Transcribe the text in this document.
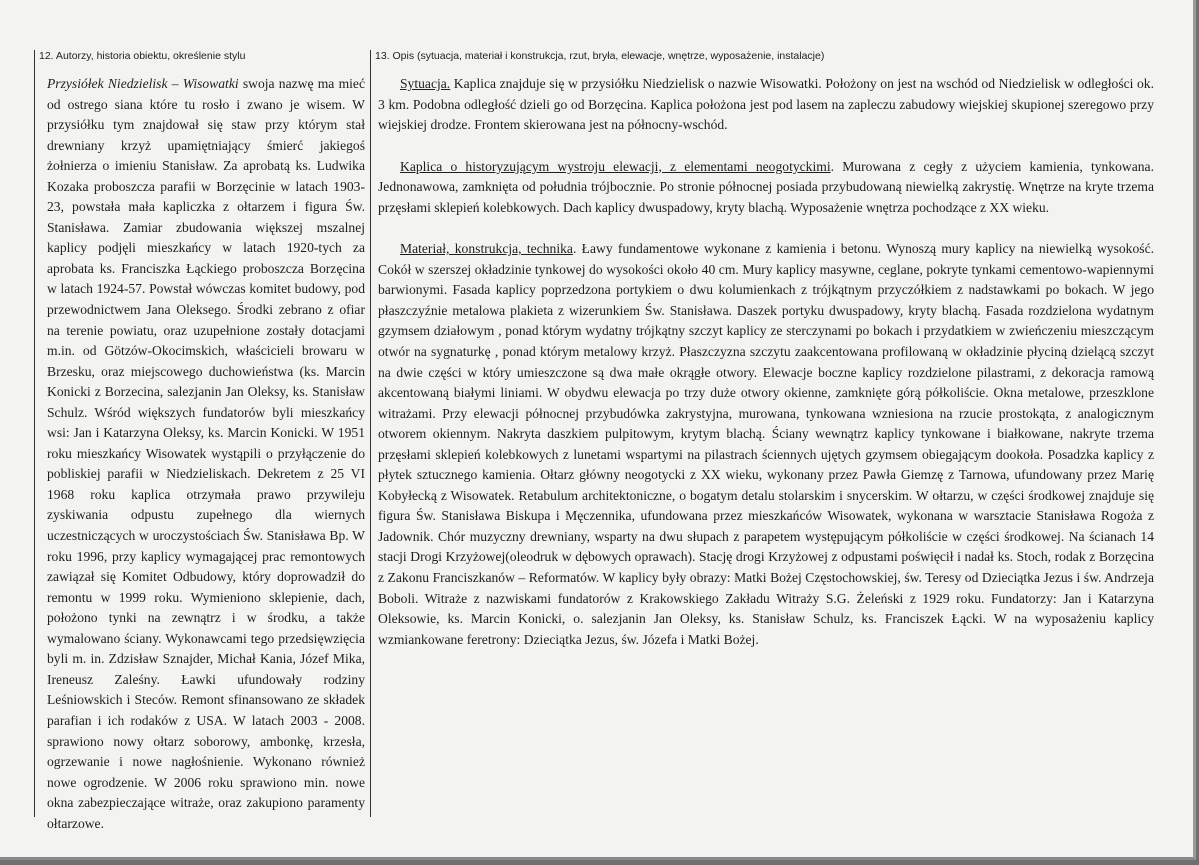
12. Autorzy, historia obiektu, określenie stylu

Przysiółek Niedzielisk – Wisowatki swoja nazwę ma mieć od ostrego siana które tu rosło i zwano je wisem. W przysiółku tym znajdował się staw przy którym stał drewniany krzyż upamiętniający śmierć jakiegoś żołnierza o imieniu Stanisław. Za aprobatą ks. Ludwika Kozaka proboszcza parafii w Borzęcinie w latach 1903-23, powstała mała kapliczka z ołtarzem i figura Św. Stanisława. Zamiar zbudowania większej mszalnej kaplicy podjęli mieszkańcy w latach 1920-tych za aprobata ks. Franciszka Łąckiego proboszcza Borzęcina w latach 1924-57. Powstał wówczas komitet budowy, pod przewodnictwem Jana Oleksego. Środki zebrano z ofiar na terenie powiatu, oraz uzupełnione zostały dotacjami m.in. od Götzów-Okocimskich, właścicieli browaru w Brzesku, oraz miejscowego duchowieństwa (ks. Marcin Konicki z Borzecina, salezjanin Jan Oleksy, ks. Stanisław Schulz. Wśród większych fundatorów byli mieszkańcy wsi: Jan i Katarzyna Oleksy, ks. Marcin Konicki. W 1951 roku mieszkańcy Wisowatek wystąpili o przyłączenie do pobliskiej parafii w Niedzieliskach. Dekretem z 25 VI 1968 roku kaplica otrzymała prawo przywileju zyskiwania odpustu zupełnego dla wiernych uczestniczących w uroczystościach Św. Stanisława Bp. W roku 1996, przy kaplicy wymagającej prac remontowych zawiązał się Komitet Odbudowy, który doprowadził do remontu w 1999 roku. Wymieniono sklepienie, dach, położono tynki na zewnątrz i w środku, a także wymalowano ściany. Wykonawcami tego przedsięwzięcia byli m. in. Zdzisław Sznajder, Michał Kania, Józef Mika, Ireneusz Zaleśny. Ławki ufundowały rodziny Leśniowskich i Steców. Remont sfinansowano ze składek parafian i ich rodaków z USA. W latach 2003 - 2008. sprawiono nowy ołtarz soborowy, ambonkę, krzesła, ogrzewanie i nowe nagłośnienie. Wykonano również nowe ogrodzenie. W 2006 roku sprawiono min. nowe okna zabezpieczające witraże, oraz zakupiono paramenty ołtarzowe.

13. Opis (sytuacja, materiał i konstrukcja, rzut, bryła, elewacje, wnętrze, wyposażenie, instalacje)

Sytuacja. Kaplica znajduje się w przysiółku Niedzielisk o nazwie Wisowatki. Położony on jest na wschód od Niedzielisk w odległości ok. 3 km. Podobna odległość dzieli go od Borzęcina. Kaplica położona jest pod lasem na zapleczu zabudowy wiejskiej skupionej szeregowo przy wiejskiej drodze. Frontem skierowana jest na północny-wschód.

Kaplica o historyzującym wystroju elewacji, z elementami neogotyckimi. Murowana z cegły z użyciem kamienia, tynkowana. Jednonawowa, zamknięta od południa trójbocznie. Po stronie północnej posiada przybudowaną niewielką zakrystię. Wnętrze na kryte trzema przęsłami sklepień kolebkowych. Dach kaplicy dwuspadowy, kryty blachą. Wyposażenie wnętrza pochodzące z XX wieku.

Materiał, konstrukcja, technika. Ławy fundamentowe wykonane z kamienia i betonu. Wynoszą mury kaplicy na niewielką wysokość. Cokół w szerszej okładzinie tynkowej do wysokości około 40 cm. Mury kaplicy masywne, ceglane, pokryte tynkami cementowo-wapiennymi barwionymi. Fasada kaplicy poprzedzona portykiem o dwu kolumienkach z trójkątnym przyczółkiem z nadstawkami po bokach. W jego płaszczyźnie metalowa plakieta z wizerunkiem Św. Stanisława. Daszek portyku dwuspadowy, kryty blachą. Fasada rozdzielona wydatnym gzymsem działowym , ponad którym wydatny trójkątny szczyt kaplicy ze sterczynami po bokach i przydatkiem w zwieńczeniu mieszczącym otwór na sygnaturkę , ponad którym metalowy krzyż. Płaszczyzna szczytu zaakcentowana profilowaną w okładzinie płyciną dzielącą szczyt na dwie części w który umieszczone są dwa małe okrągłe otwory. Elewacje boczne kaplicy rozdzielone pilastrami, z dekoracja ramową akcentowaną białymi liniami. W obydwu elewacja po trzy duże otwory okienne, zamknięte górą półkoliście. Okna metalowe, przeszklone witrażami. Przy elewacji północnej przybudówka zakrystyjna, murowana, tynkowana wzniesiona na rzucie prostokąta, z analogicznym otworem okiennym. Nakryta daszkiem pulpitowym, krytym blachą. Ściany wewnątrz kaplicy tynkowane i białkowane, nakryte trzema przęsłami sklepień kolebkowych z lunetami wspartymi na pilastrach ściennych ujętych gzymsem obiegającym dookoła. Posadzka kaplicy z płytek sztucznego kamienia. Ołtarz główny neogotycki z XX wieku, wykonany przez Pawła Giemzę z Tarnowa, ufundowany przez Marię Kobyłecką z Wisowatek. Retabulum architektoniczne, o bogatym detalu stolarskim i snycerskim. W ołtarzu, w części środkowej znajduje się figura Św. Stanisława Biskupa i Męczennika, ufundowana przez mieszkańców Wisowatek, wykonana w warsztacie Stanisława Rogoża z Jadownik. Chór muzyczny drewniany, wsparty na dwu słupach z parapetem występującym półkoliście w części środkowej. Na ścianach 14 stacji Drogi Krzyżowej(oleodruk w dębowych oprawach). Stację drogi Krzyżowej z odpustami poświęcił i nadał ks. Stoch, rodak z Borzęcina z Zakonu Franciszkanów – Reformatów. W kaplicy były obrazy: Matki Bożej Częstochowskiej, św. Teresy od Dzieciątka Jezus i św. Andrzeja Boboli. Witraże z nazwiskami fundatorów z Krakowskiego Zakładu Witraży S.G. Żeleński z 1929 roku. Fundatorzy: Jan i Katarzyna Oleksowie, ks. Marcin Konicki, o. salezjanin Jan Oleksy, ks. Stanisław Schulz, ks. Franciszek Łącki. W na wyposażeniu kaplicy wzmiankowane feretrony: Dzieciątka Jezus, św. Józefa i Matki Bożej.
